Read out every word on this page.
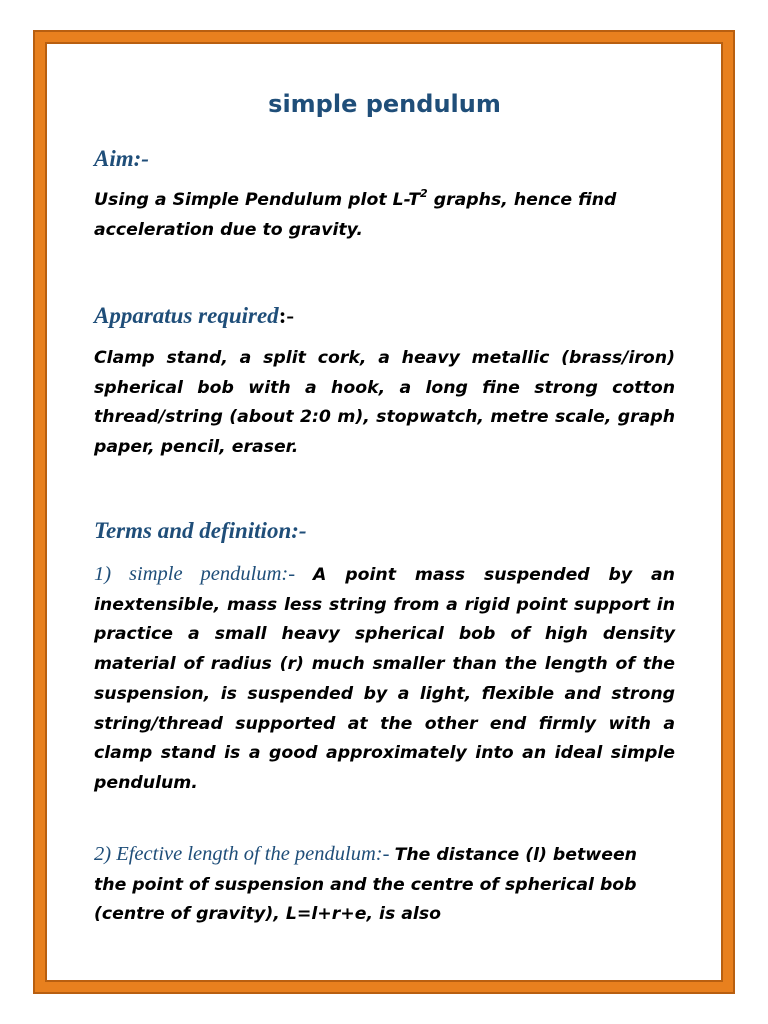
simple pendulum
Aim:-

Using a Simple Pendulum plot $L-T^2$ graphs, hence find acceleration due to gravity.

Apparatus required:-

Clamp stand, a split cork, a heavy metallic (brass/iron) spherical bob with a hook, a long fine strong cotton thread/string (about 2:0 m), stopwatch, metre scale, graph paper, pencil, eraser.

Terms and definition:-

1) simple pendulum:- A point mass suspended by an inextensible, mass less string from a rigid point support in practice a small heavy spherical bob of high density material of radius (r) much smaller than the length of the suspension, is suspended by a light, flexible and strong string/thread supported at the other end firmly with a clamp stand is a good approximately into an ideal simple pendulum.

2) Efective length of the pendulum:- The distance (l) between the point of suspension and the centre of spherical bob (centre of gravity), L=l+r+e, is also
